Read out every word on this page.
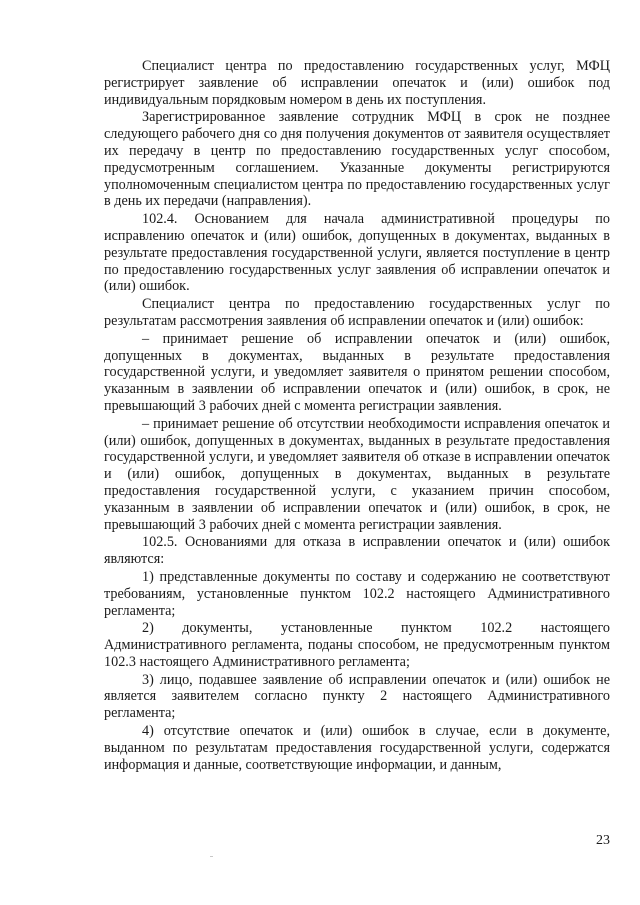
Специалист центра по предоставлению государственных услуг, МФЦ регистрирует заявление об исправлении опечаток и (или) ошибок под индивидуальным порядковым номером в день их поступления.

Зарегистрированное заявление сотрудник МФЦ в срок не позднее следующего рабочего дня со дня получения документов от заявителя осуществляет их передачу в центр по предоставлению государственных услуг способом, предусмотренным соглашением. Указанные документы регистрируются уполномоченным специалистом центра по предоставлению государственных услуг в день их передачи (направления).

102.4. Основанием для начала административной процедуры по исправлению опечаток и (или) ошибок, допущенных в документах, выданных в результате предоставления государственной услуги, является поступление в центр по предоставлению государственных услуг заявления об исправлении опечаток и (или) ошибок.

Специалист центра по предоставлению государственных услуг по результатам рассмотрения заявления об исправлении опечаток и (или) ошибок:

– принимает решение об исправлении опечаток и (или) ошибок, допущенных в документах, выданных в результате предоставления государственной услуги, и уведомляет заявителя о принятом решении способом, указанным в заявлении об исправлении опечаток и (или) ошибок, в срок, не превышающий 3 рабочих дней с момента регистрации заявления.

– принимает решение об отсутствии необходимости исправления опечаток и (или) ошибок, допущенных в документах, выданных в результате предоставления государственной услуги, и уведомляет заявителя об отказе в исправлении опечаток и (или) ошибок, допущенных в документах, выданных в результате предоставления государственной услуги, с указанием причин способом, указанным в заявлении об исправлении опечаток и (или) ошибок, в срок, не превышающий 3 рабочих дней с момента регистрации заявления.

102.5. Основаниями для отказа в исправлении опечаток и (или) ошибок являются:

1) представленные документы по составу и содержанию не соответствуют требованиям, установленные пунктом 102.2 настоящего Административного регламента;

2) документы, установленные пунктом 102.2 настоящего Административного регламента, поданы способом, не предусмотренным пунктом 102.3 настоящего Административного регламента;

3) лицо, подавшее заявление об исправлении опечаток и (или) ошибок не является заявителем согласно пункту 2 настоящего Административного регламента;

4) отсутствие опечаток и (или) ошибок в случае, если в документе, выданном по результатам предоставления государственной услуги, содержатся информация и данные, соответствующие информации, и данным,

23
